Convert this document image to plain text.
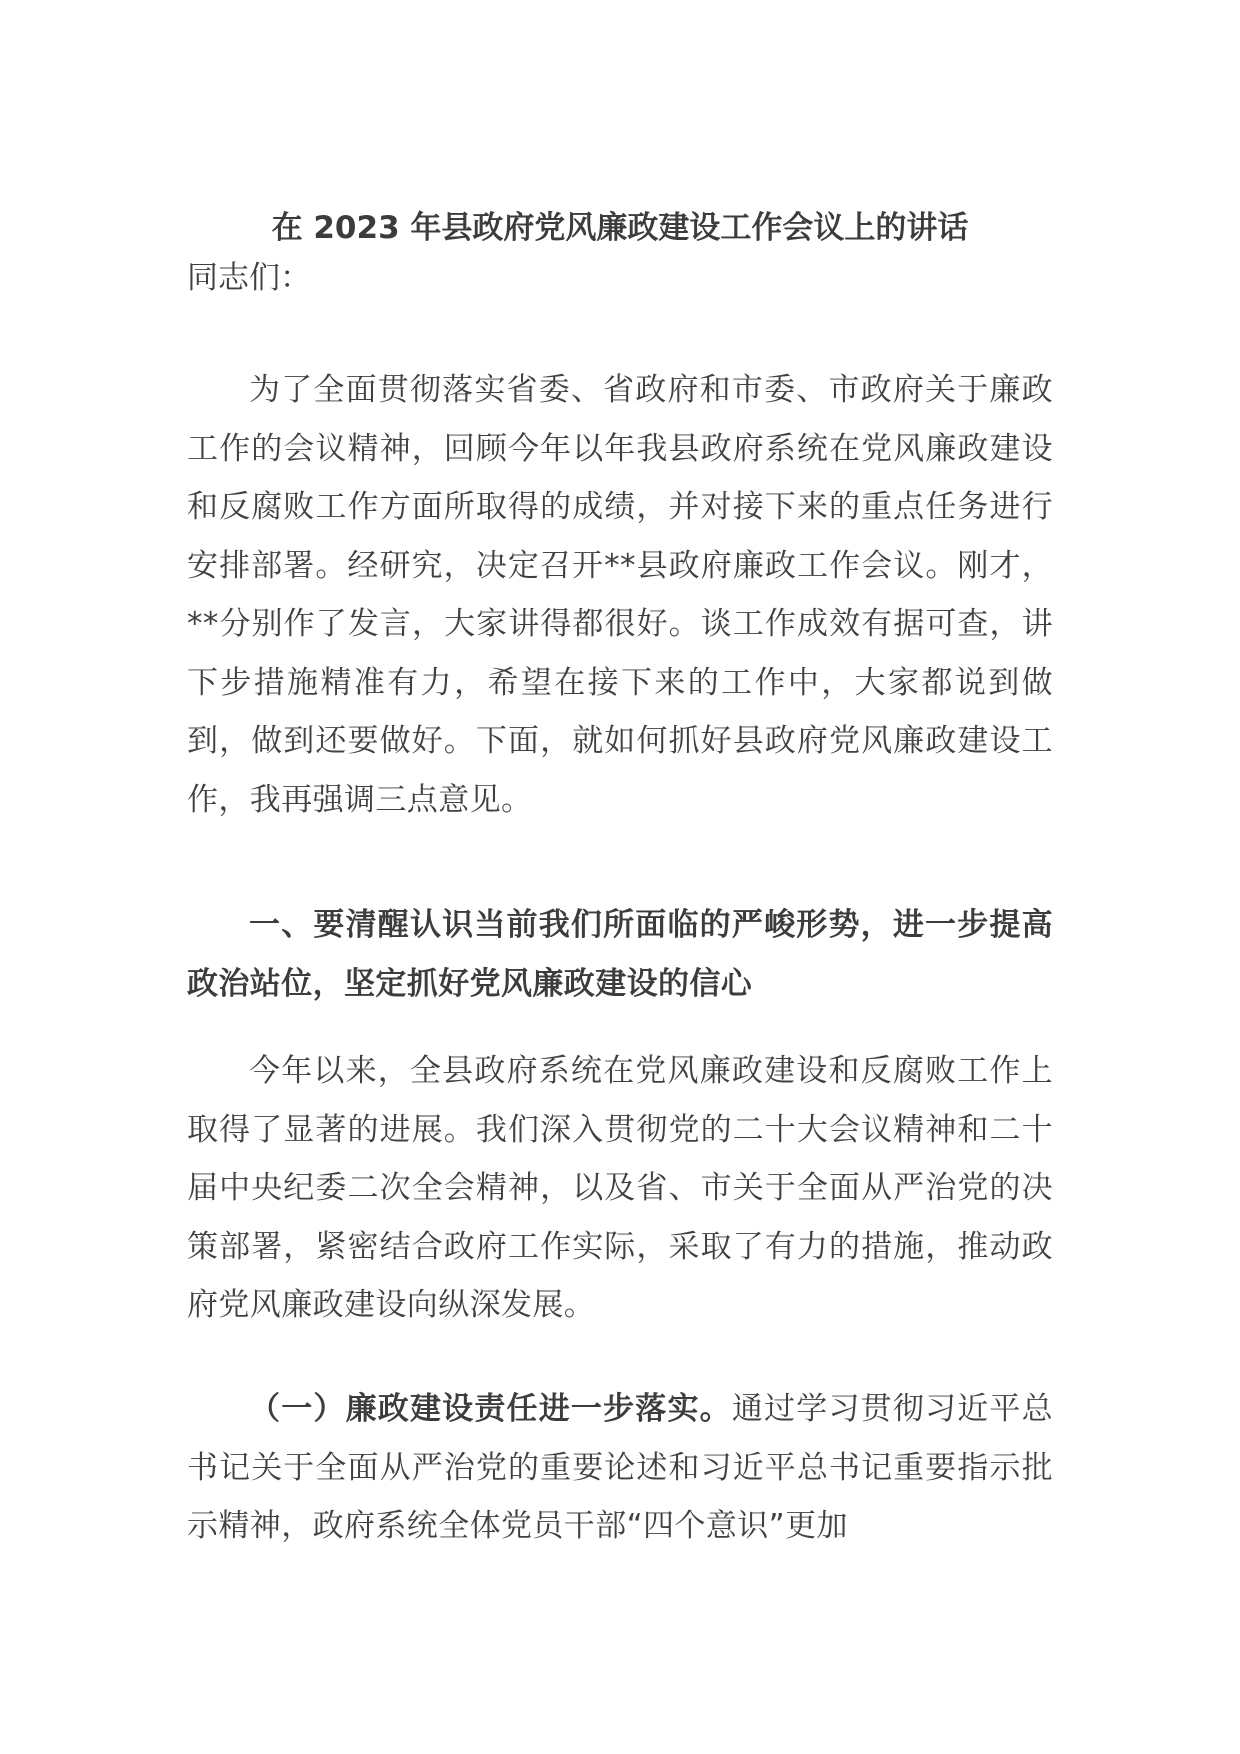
在 2023 年县政府党风廉政建设工作会议上的讲话

同志们：

为了全面贯彻落实省委、省政府和市委、市政府关于廉政工作的会议精神，回顾今年以年我县政府系统在党风廉政建设和反腐败工作方面所取得的成绩，并对接下来的重点任务进行安排部署。经研究，决定召开**县政府廉政工作会议。刚才，**分别作了发言，大家讲得都很好。谈工作成效有据可查，讲下步措施精准有力，希望在接下来的工作中，大家都说到做到，做到还要做好。下面，就如何抓好县政府党风廉政建设工作，我再强调三点意见。

一、要清醒认识当前我们所面临的严峻形势，进一步提高政治站位，坚定抓好党风廉政建设的信心

今年以来，全县政府系统在党风廉政建设和反腐败工作上取得了显著的进展。我们深入贯彻党的二十大会议精神和二十届中央纪委二次全会精神，以及省、市关于全面从严治党的决策部署，紧密结合政府工作实际，采取了有力的措施，推动政府党风廉政建设向纵深发展。

（一）廉政建设责任进一步落实。通过学习贯彻习近平总书记关于全面从严治党的重要论述和习近平总书记重要指示批示精神，政府系统全体党员干部“四个意识”更加
